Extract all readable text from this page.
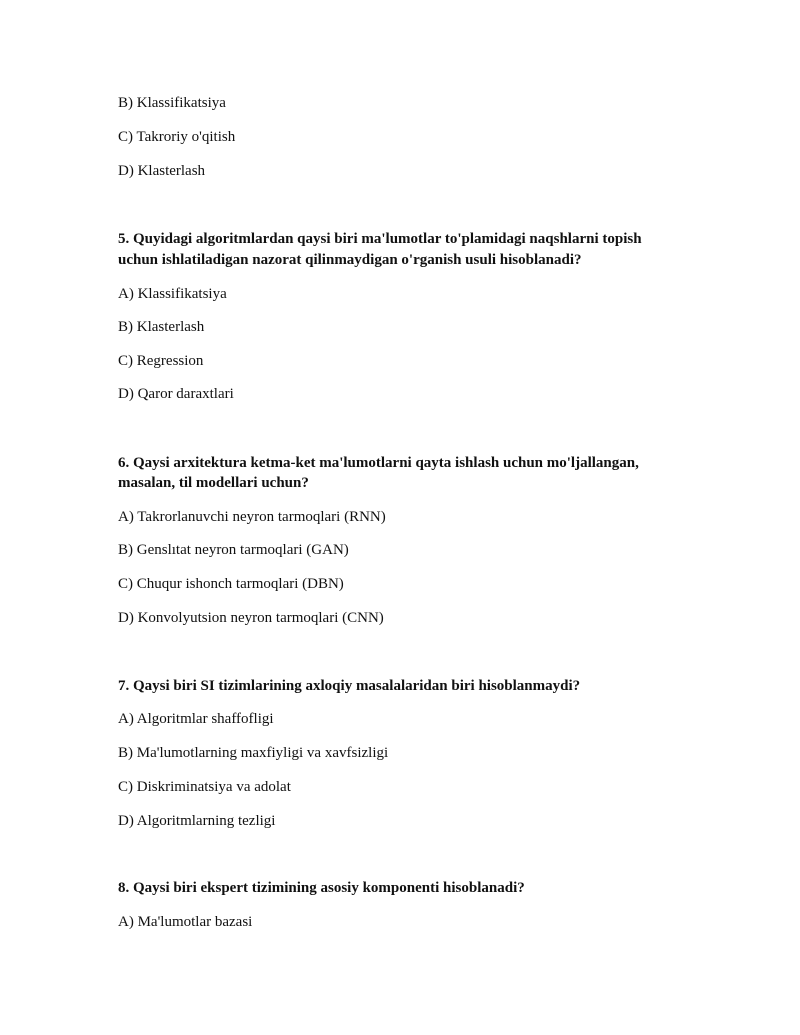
B) Klassifikatsiya
C) Takroriy o'qitish
D) Klasterlash
5. Quyidagi algoritmlardan qaysi biri ma'lumotlar to'plamidagi naqshlarni topish
uchun ishlatiladigan nazorat qilinmaydigan o'rganish usuli hisoblanadi?
A) Klassifikatsiya
B) Klasterlash
C) Regression
D) Qaror daraxtlari
6. Qaysi arxitektura ketma-ket ma'lumotlarni qayta ishlash uchun mo'ljallangan,
masalan, til modellari uchun?
A) Takrorlanuvchi neyron tarmoqlari (RNN)
B) Genslıtat neyron tarmoqlari (GAN)
C) Chuqur ishonch tarmoqlari (DBN)
D) Konvolyutsion neyron tarmoqlari (CNN)
7. Qaysi biri SI tizimlarining axloqiy masalalaridan biri hisoblanmaydi?
A) Algoritmlar shaffofligi
B) Ma'lumotlarning maxfiyligi va xavfsizligi
C) Diskriminatsiya va adolat
D) Algoritmlarning tezligi
8. Qaysi biri ekspert tizimining asosiy komponenti hisoblanadi?
A) Ma'lumotlar bazasi
